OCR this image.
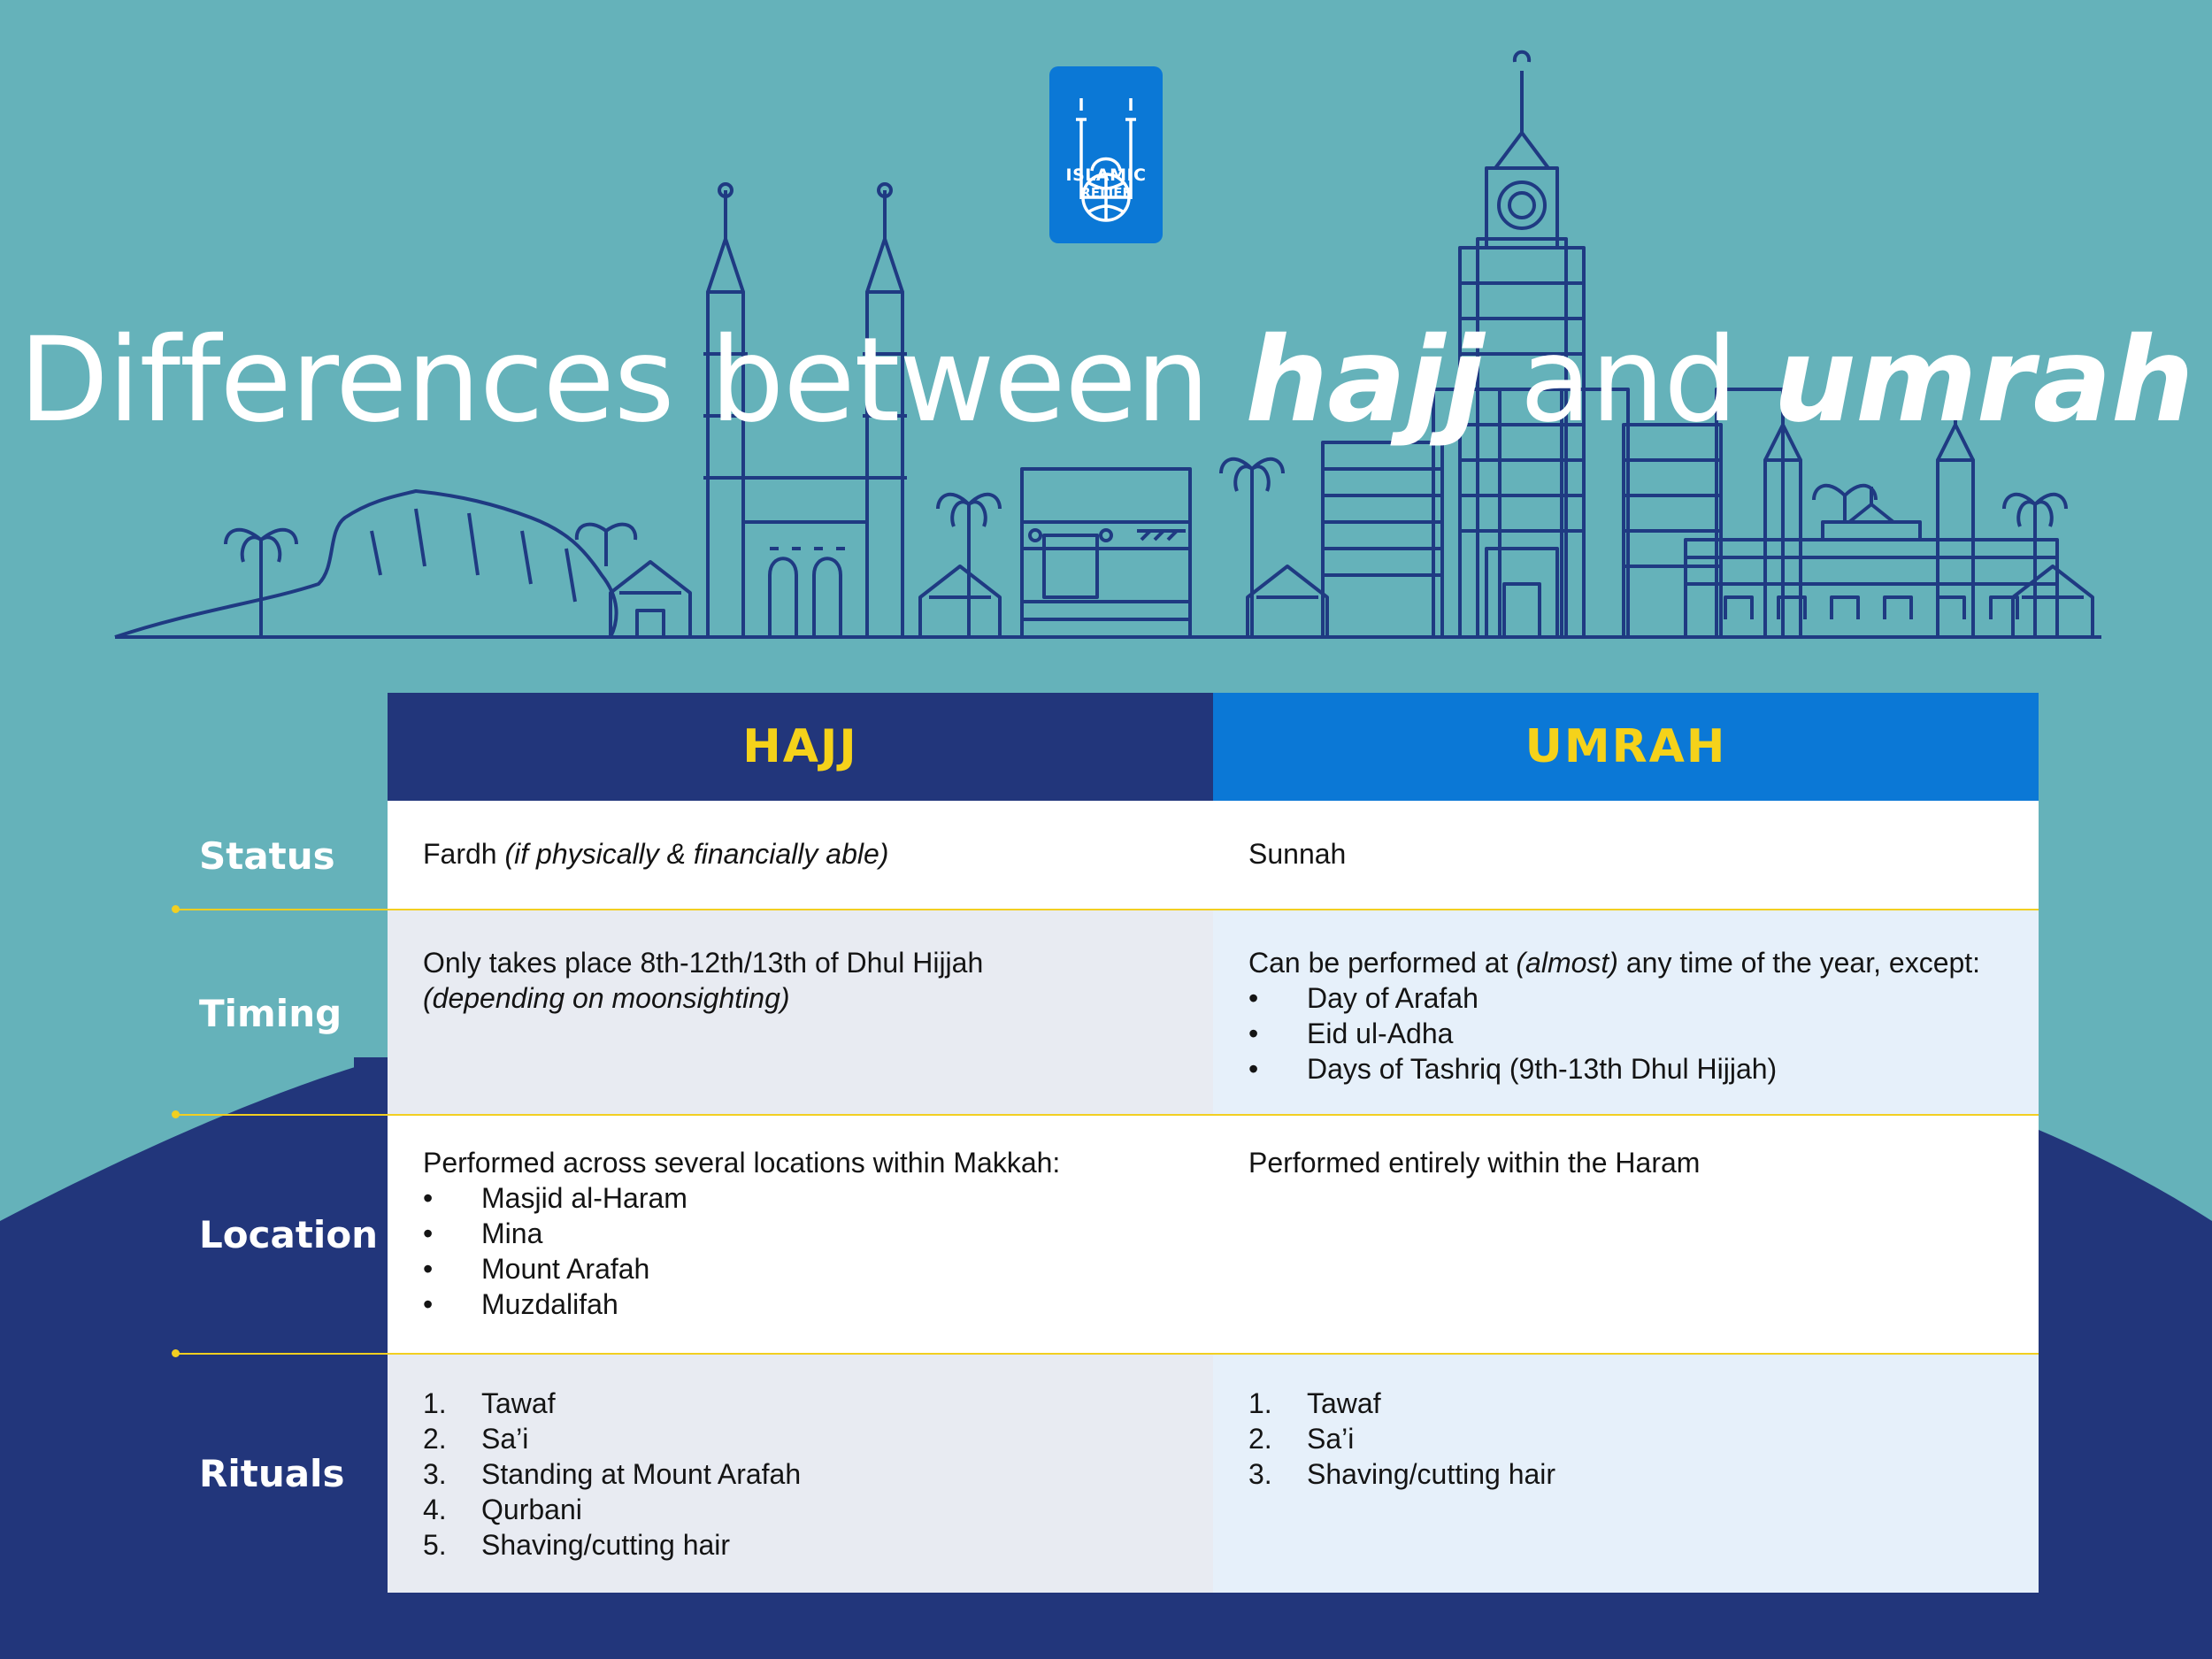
ISLAMIC
RELIEF
Differences between hajj and umrah
HAJJ	UMRAH
Fardh (if physically & financially able)	Sunnah
Only takes place 8th-12th/13th of Dhul Hijjah
(depending on moonsighting)
Can be performed at (almost) any time of the year, except:
• Day of Arafah
• Eid ul-Adha
• Days of Tashriq (9th-13th Dhul Hijjah)
Performed across several locations within Makkah:
• Masjid al-Haram
• Mina
• Mount Arafah
• Muzdalifah
Performed entirely within the Haram
1. Tawaf
2. Sa’i
3. Standing at Mount Arafah
4. Qurbani
5. Shaving/cutting hair
1. Tawaf
2. Sa’i
3. Shaving/cutting hair
Status
Timing
Location
Rituals
